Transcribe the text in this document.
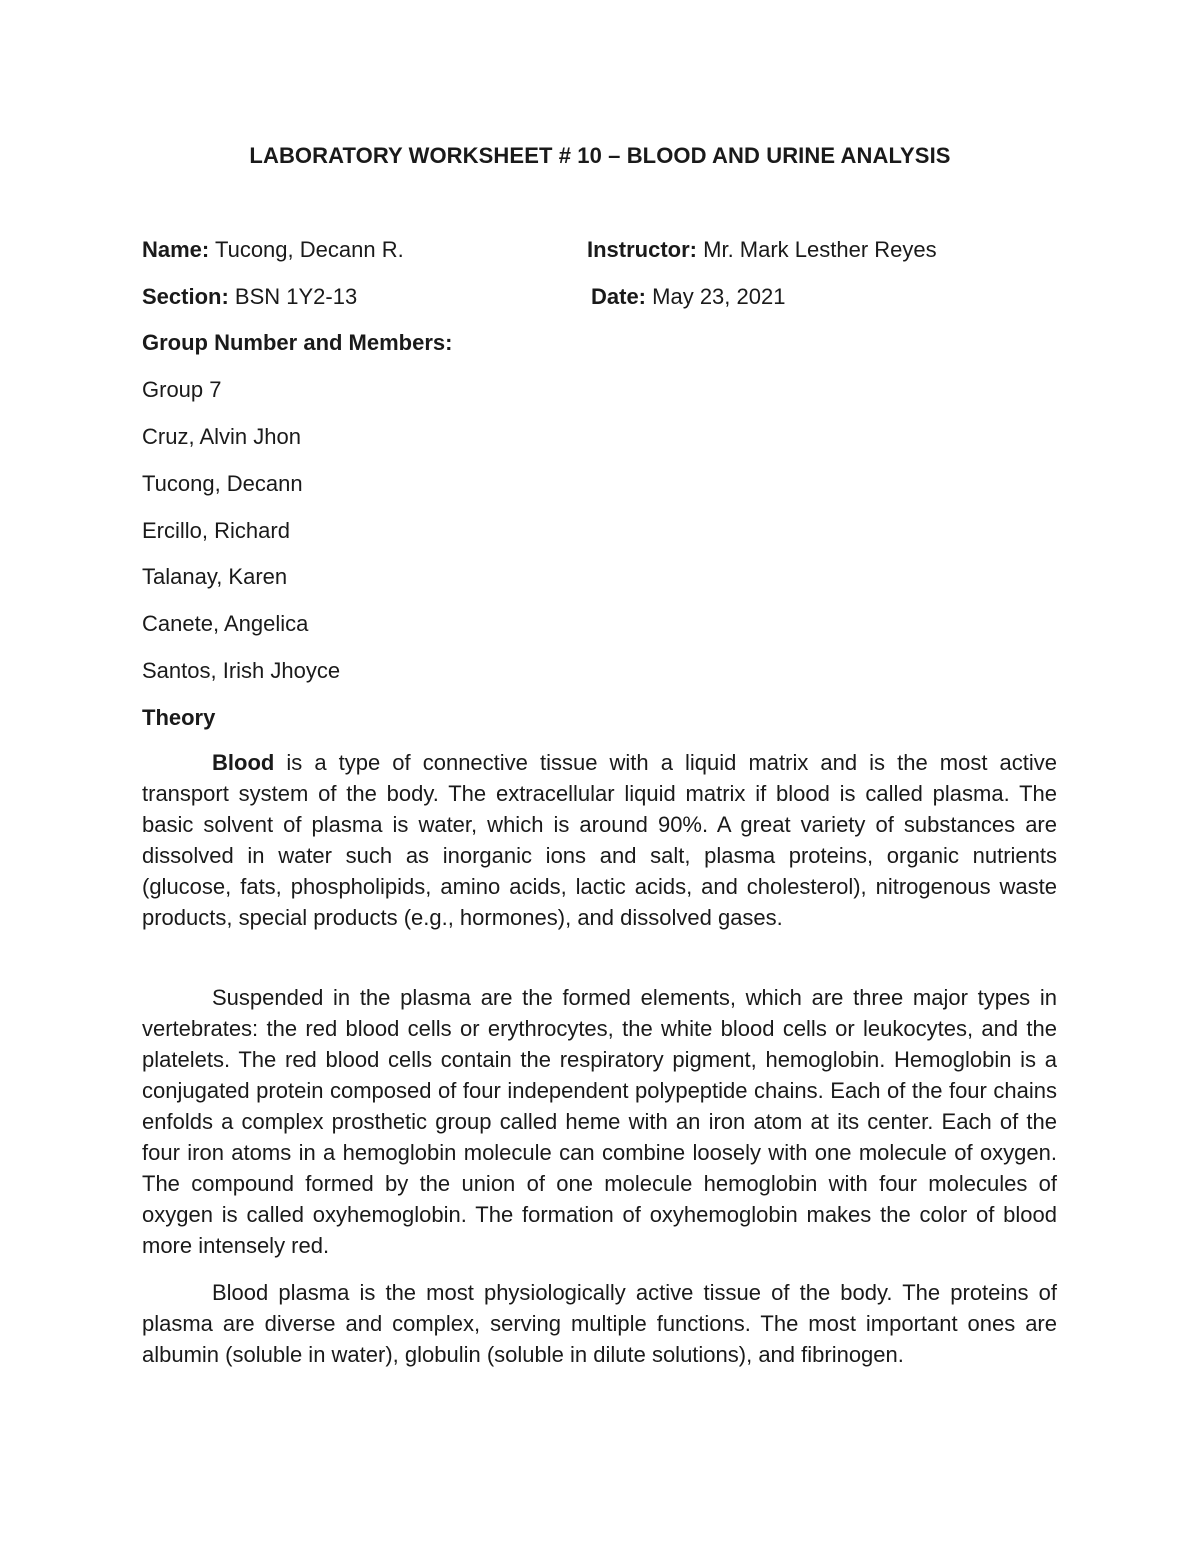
LABORATORY WORKSHEET # 10 – BLOOD AND URINE ANALYSIS
Name: Tucong, Decann R.	Instructor: Mr. Mark Lesther Reyes
Section: BSN 1Y2-13	Date: May 23, 2021
Group Number and Members:
Group 7
Cruz, Alvin Jhon
Tucong, Decann
Ercillo, Richard
Talanay, Karen
Canete, Angelica
Santos, Irish Jhoyce
Theory
Blood is a type of connective tissue with a liquid matrix and is the most active transport system of the body. The extracellular liquid matrix if blood is called plasma. The basic solvent of plasma is water, which is around 90%. A great variety of substances are dissolved in water such as inorganic ions and salt, plasma proteins, organic nutrients (glucose, fats, phospholipids, amino acids, lactic acids, and cholesterol), nitrogenous waste products, special products (e.g., hormones), and dissolved gases.
Suspended in the plasma are the formed elements, which are three major types in vertebrates: the red blood cells or erythrocytes, the white blood cells or leukocytes, and the platelets. The red blood cells contain the respiratory pigment, hemoglobin. Hemoglobin is a conjugated protein composed of four independent polypeptide chains. Each of the four chains enfolds a complex prosthetic group called heme with an iron atom at its center. Each of the four iron atoms in a hemoglobin molecule can combine loosely with one molecule of oxygen. The compound formed by the union of one molecule hemoglobin with four molecules of oxygen is called oxyhemoglobin. The formation of oxyhemoglobin makes the color of blood more intensely red.
Blood plasma is the most physiologically active tissue of the body. The proteins of plasma are diverse and complex, serving multiple functions. The most important ones are albumin (soluble in water), globulin (soluble in dilute solutions), and fibrinogen.
